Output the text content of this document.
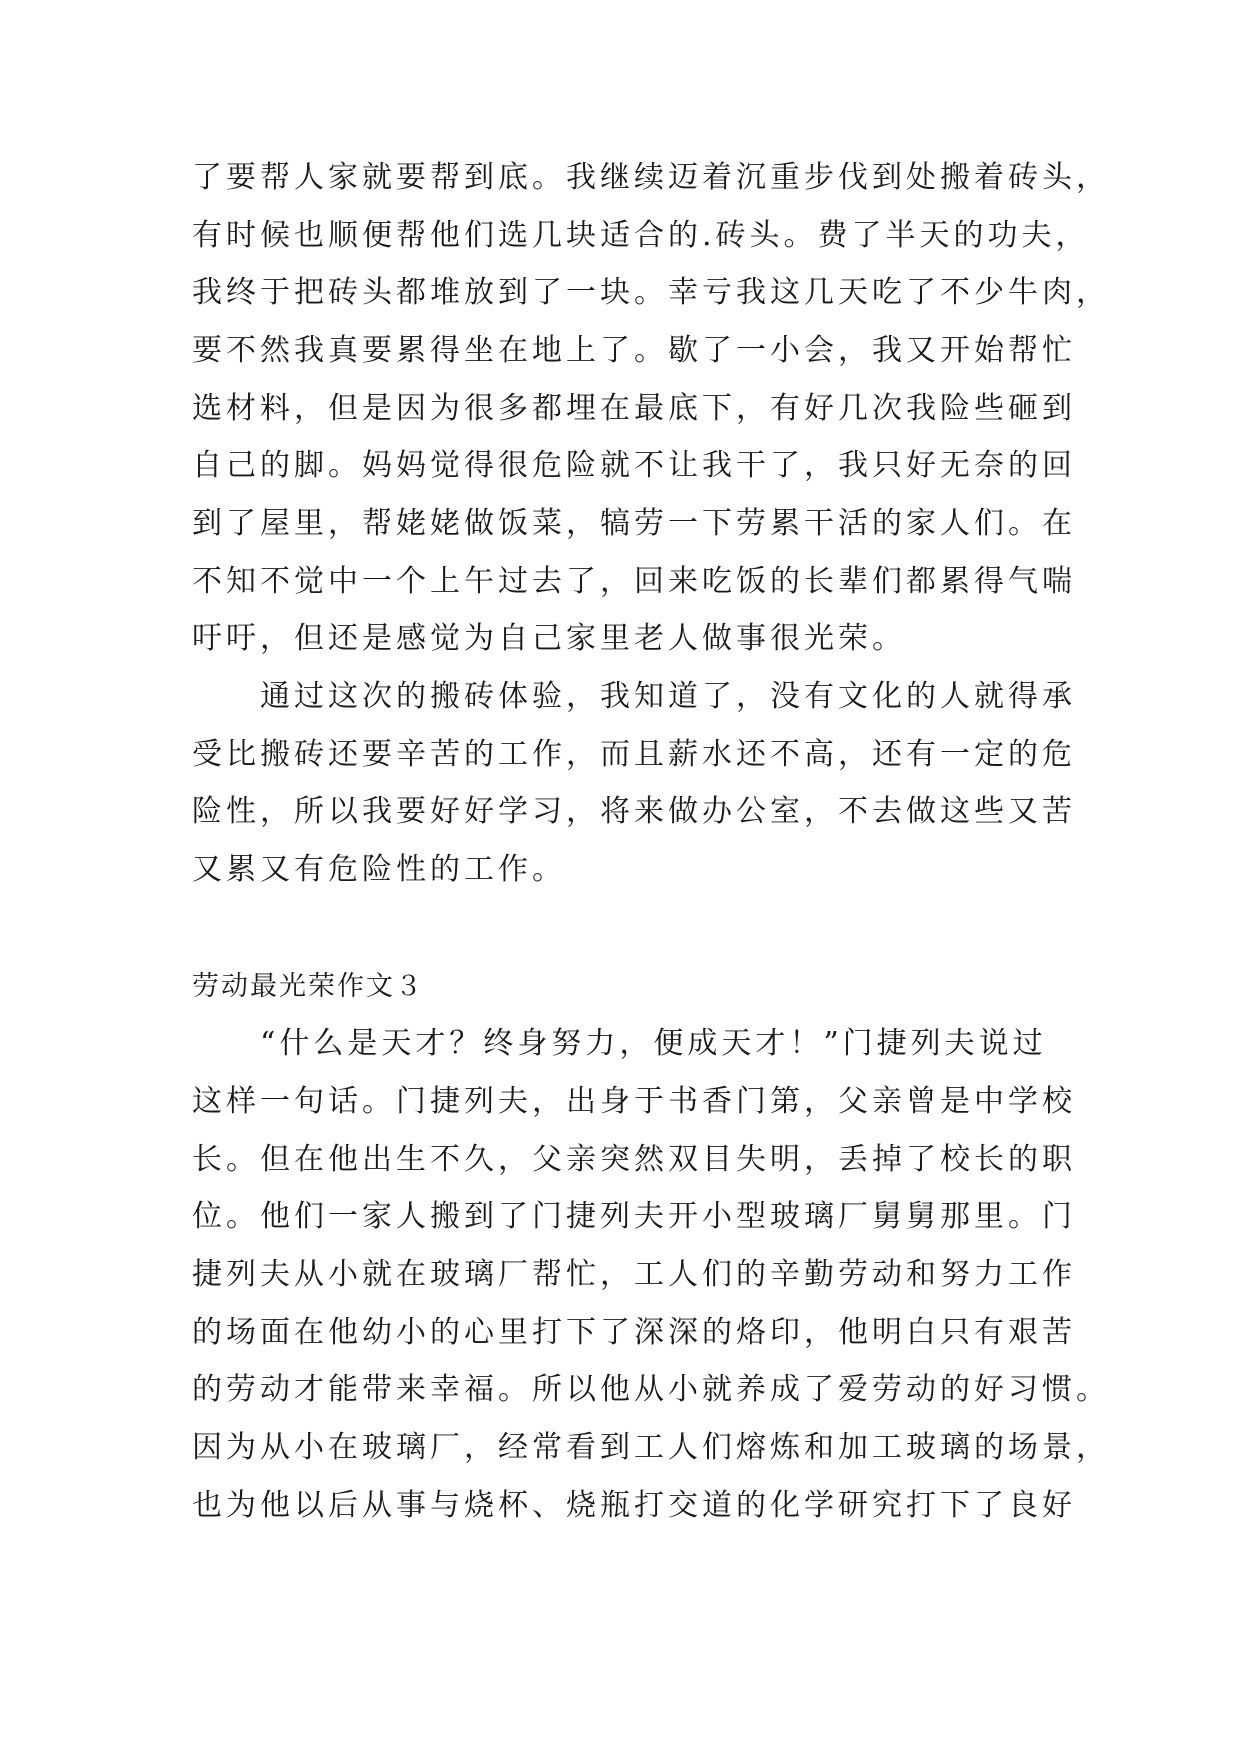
了要帮人家就要帮到底。我继续迈着沉重步伐到处搬着砖头，
有时候也顺便帮他们选几块适合的.砖头。费了半天的功夫，
我终于把砖头都堆放到了一块。幸亏我这几天吃了不少牛肉，
要不然我真要累得坐在地上了。歇了一小会，我又开始帮忙
选材料，但是因为很多都埋在最底下，有好几次我险些砸到
自己的脚。妈妈觉得很危险就不让我干了，我只好无奈的回
到了屋里，帮姥姥做饭菜，犒劳一下劳累干活的家人们。在
不知不觉中一个上午过去了，回来吃饭的长辈们都累得气喘
吁吁，但还是感觉为自己家里老人做事很光荣。
　　通过这次的搬砖体验，我知道了，没有文化的人就得承
受比搬砖还要辛苦的工作，而且薪水还不高，还有一定的危
险性，所以我要好好学习，将来做办公室，不去做这些又苦
又累又有危险性的工作。
劳动最光荣作文３
　　“什么是天才？终身努力，便成天才！”门捷列夫说过
这样一句话。门捷列夫，出身于书香门第，父亲曾是中学校
长。但在他出生不久，父亲突然双目失明，丢掉了校长的职
位。他们一家人搬到了门捷列夫开小型玻璃厂舅舅那里。门
捷列夫从小就在玻璃厂帮忙，工人们的辛勤劳动和努力工作
的场面在他幼小的心里打下了深深的烙印，他明白只有艰苦
的劳动才能带来幸福。所以他从小就养成了爱劳动的好习惯。
因为从小在玻璃厂，经常看到工人们熔炼和加工玻璃的场景，
也为他以后从事与烧杯、烧瓶打交道的化学研究打下了良好
